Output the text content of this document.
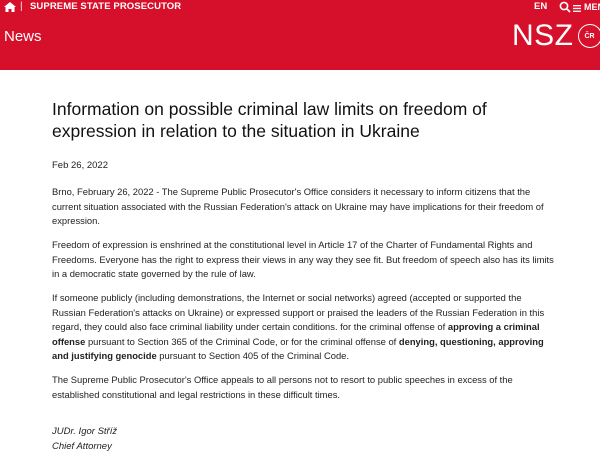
| SUPREME STATE PROSECUTOR	EN	MENU
News	NSZ	ČR
Information on possible criminal law limits on freedom of expression in relation to the situation in Ukraine
Feb 26, 2022

Brno, February 26, 2022 - The Supreme Public Prosecutor's Office considers it necessary to inform citizens that the current situation associated with the Russian Federation's attack on Ukraine may have implications for their freedom of expression.

Freedom of expression is enshrined at the constitutional level in Article 17 of the Charter of Fundamental Rights and Freedoms. Everyone has the right to express their views in any way they see fit. But freedom of speech also has its limits in a democratic state governed by the rule of law.

If someone publicly (including demonstrations, the Internet or social networks) agreed (accepted or supported the Russian Federation's attacks on Ukraine) or expressed support or praised the leaders of the Russian Federation in this regard, they could also face criminal liability under certain conditions. for the criminal offense of approving a criminal offense pursuant to Section 365 of the Criminal Code, or for the criminal offense of denying, questioning, approving and justifying genocide pursuant to Section 405 of the Criminal Code.

The Supreme Public Prosecutor's Office appeals to all persons not to resort to public speeches in excess of the established constitutional and legal restrictions in these difficult times.

JUDr. Igor Stříž
Chief Attorney
